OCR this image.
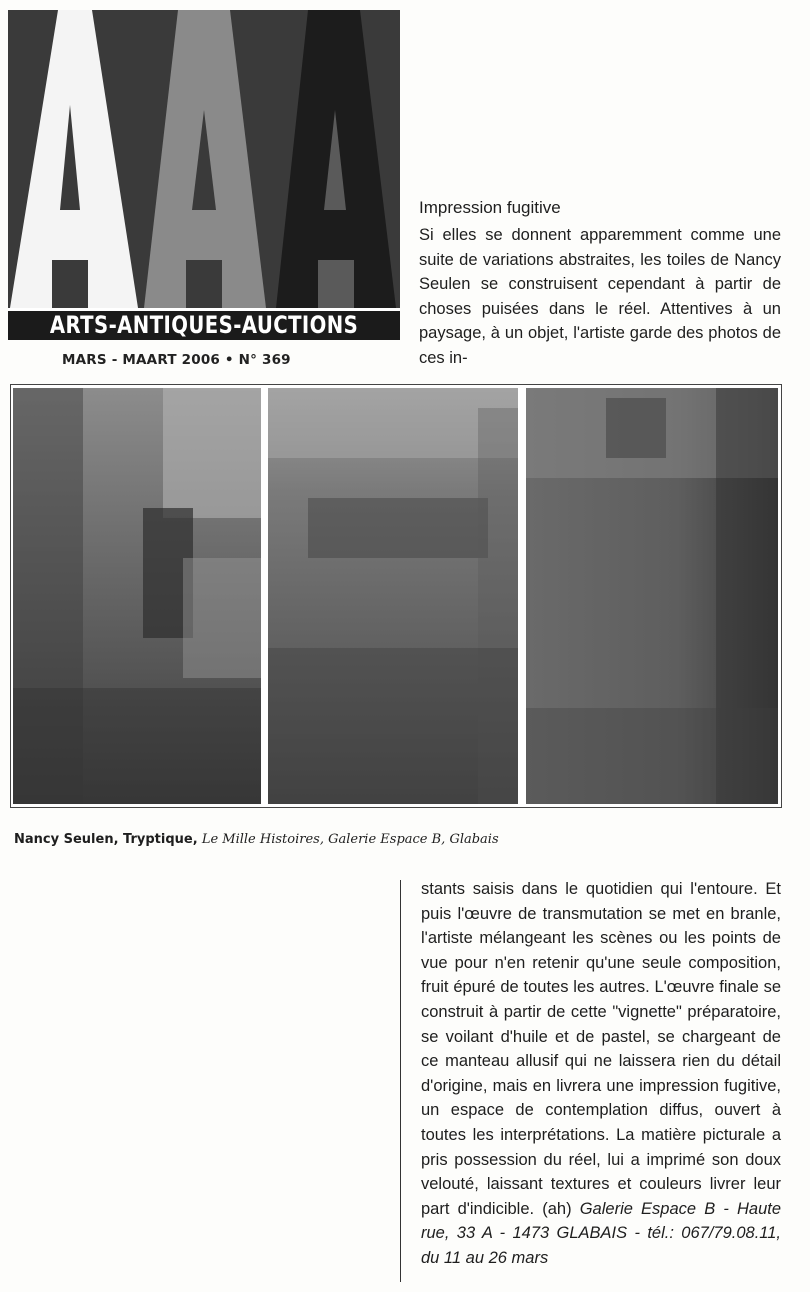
ARTS-ANTIQUES-AUCTIONS
MARS - MAART 2006 • N° 369
Impression fugitive

Si elles se donnent apparemment comme une suite de variations abstraites, les toiles de Nancy Seulen se construisent cependant à partir de choses puisées dans le réel. Attentives à un paysage, à un objet, l'artiste garde des photos de ces in-

Nancy Seulen, Tryptique, Le Mille Histoires, Galerie Espace B, Glabais

stants saisis dans le quotidien qui l'entoure. Et puis l'œuvre de transmutation se met en branle, l'artiste mélangeant les scènes ou les points de vue pour n'en retenir qu'une seule composition, fruit épuré de toutes les autres. L'œuvre finale se construit à partir de cette "vignette" préparatoire, se voilant d'huile et de pastel, se chargeant de ce manteau allusif qui ne laissera rien du détail d'origine, mais en livrera une impression fugitive, un espace de contemplation diffus, ouvert à toutes les interprétations. La matière picturale a pris possession du réel, lui a imprimé son doux velouté, laissant textures et couleurs livrer leur part d'indicible. (ah) Galerie Espace B - Haute rue, 33 A - 1473 GLABAIS - tél.: 067/79.08.11, du 11 au 26 mars
